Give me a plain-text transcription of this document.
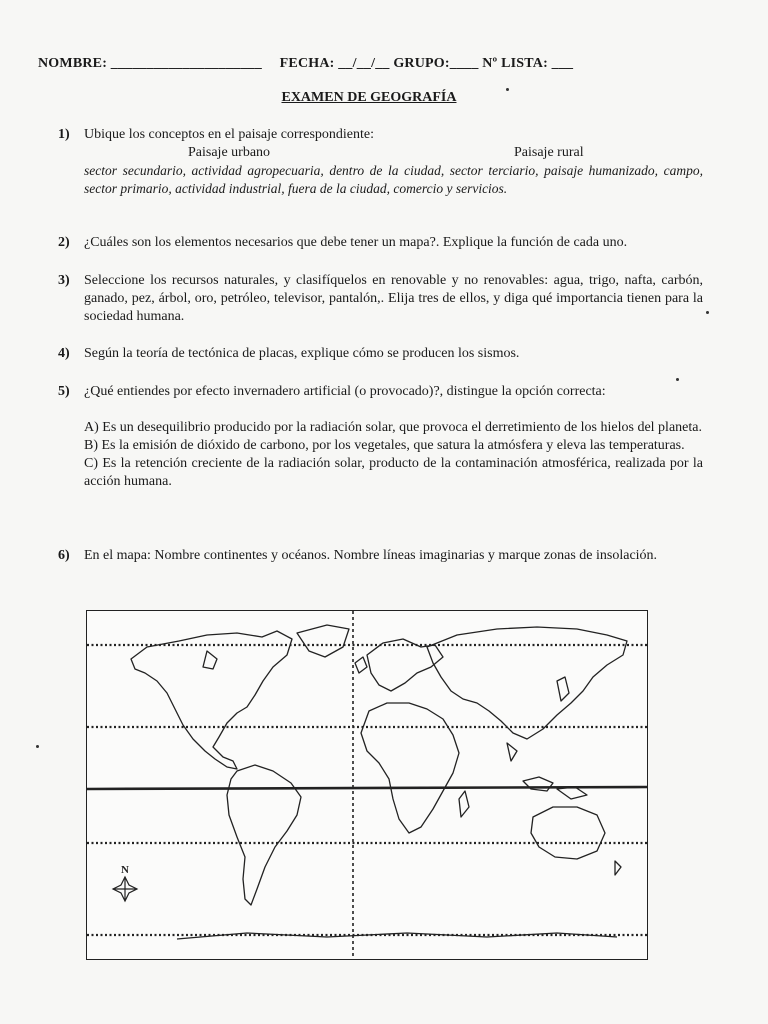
NOMBRE: _____________________ FECHA: __/__/__ GRUPO:____ Nº LISTA: ___
EXAMEN DE GEOGRAFÍA
1)	Ubique los conceptos en el paisaje correspondiente:
Paisaje urbano	Paisaje rural
sector secundario, actividad agropecuaria, dentro de la ciudad, sector terciario, paisaje humanizado, campo, sector primario, actividad industrial, fuera de la ciudad, comercio y servicios.
2)	¿Cuáles son los elementos necesarios que debe tener un mapa?. Explique la función de cada uno.
3)	Seleccione los recursos naturales, y clasifíquelos en renovable y no renovables: agua, trigo, nafta, carbón, ganado, pez, árbol, oro, petróleo, televisor, pantalón,. Elija tres de ellos, y diga qué importancia tienen para la sociedad humana.
4)	Según la teoría de tectónica de placas, explique cómo se producen los sismos.
5)	¿Qué entiendes por efecto invernadero artificial (o provocado)?, distingue la opción correcta:
A) Es un desequilibrio producido por la radiación solar, que provoca el derretimiento de los hielos del planeta.
B) Es la emisión de dióxido de carbono, por los vegetales, que satura la atmósfera y eleva las temperaturas.
C) Es la retención creciente de la radiación solar, producto de la contaminación atmosférica, realizada por la acción humana.
6)	En el mapa: Nombre continentes y océanos. Nombre líneas imaginarias y marque zonas de insolación.
N
